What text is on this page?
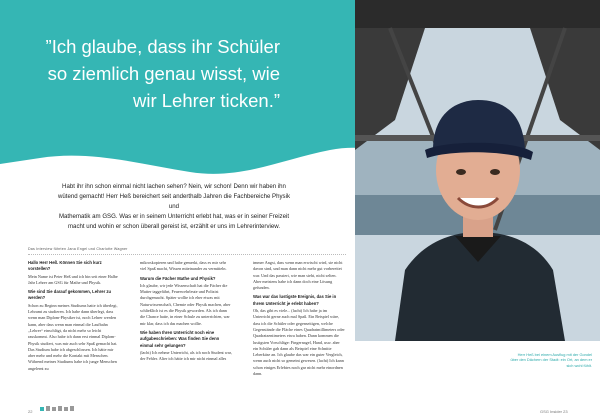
”Ich glaube, dass ihr Schüler
so ziemlich genau wisst, wie
wir Lehrer ticken.”
Habt ihr ihn schon einmal nicht lachen sehen? Nein, wir schon! Denn wir haben ihn
wütend gemacht! Herr Heß bereichert seit anderthalb Jahren die Fachbereiche Physik und
Mathematik am GSG. Was er in seinem Unterricht erlebt hat, was er in seiner Freizeit
macht und wohin er schon überall gereist ist, erzählt er uns im Lehrerinterview.
Das Interview führten Jana Engel und Charlotte Wagner

Hallo Herr Heß. Können Sie sich kurz vorstellen?

Mein Name ist Peter Heß und ich bin seit einer Halbe Jahr Lehrer am GSG für Mathe und Physik.

Wie sind Sie darauf gekommen, Lehrer zu werden?

Schon zu Beginn meines Studiums hatte ich überlegt, Lehramt zu studieren. Ich habe dann überlegt, dass wenn man Diplom-Physiker ist, noch Lehrer werden kann, aber dass wenn man einmal die Laufbahn „Lehrer“ einschlägt, da nicht mehr so leicht rauskommt. Also habe ich dann erst einmal Diplom-Physik studiert, was mir auch sehr Spaß gemacht hat. Das Studium habe ich abgeschlossen. Ich hätte mir aber mehr und mehr die Kontakt mit Menschen. Während meines Studiums habe ich junge Menschen angelernt zu

mikroskopieren und habe gemerkt, dass es mir sehr viel Spaß macht, Wissen miteinander zu vermitteln.

Warum die Fächer Mathe und Physik?

Ich glaube, wir jede Wissenschaft hat die Fächer die Mutter taggefährt, Feuerwehrleute und Polizist durchgemacht. Später wollte ich eher etwas mit Naturwissenschaft, Chemie oder Physik machen, aber schließlich ist es die Physik geworden. Als ich dann die Chance hatte, in einer Schule zu unterrichten, war mir klar, dass ich das machen wollte.

Wie haben Ihren Unterricht noch eine aufgabeschrieben: Was finden Sie denn einmal sehr gelungen?

(lacht) Ich nehme Unterricht, als ich noch Student war, der Fehler. Alter ich hätte ich mir nicht einmal alles

immer Angst, dass wenn man erwischt wird, sie nicht davon sind, und man dann nicht mehr gut vorbereitet war. Und das passiert, wie man sieht, nicht selten. Aber meistens habe ich dann doch eine Lösung gefunden.

Was war das lustigste Ereignis, das Sie in Ihrem Unterricht je erlebt haben?

Oh, das gibt es viele... (lacht) Ich habe ja im Unterricht gerne auch mal Spaß. Ein Beispiel wäre, dass ich die Schüler oder gegenseitigen, welche Gegenstände die Fläche eines Quadratmillimeters oder Quadratzentimeters etwa haben. Dann kommen die lustigsten Vorschläge: Fingernagel, Hand, usw. aber ein Schüler gab dann als Beispiel eine Schnitte Leberkäse an. Ich glaube das war ein guter Vergleich, wenn auch nicht so gemeint gewesen. (lacht) Ich kann schon einiges Erlebtes noch gar nicht mehr einordnen dann.

Herr Heß bei einem Ausflug mit der Gondel über den Dächern der Stadt: ein Ort, an dem er sich wohl fühlt.
22	GSG Insider 23
